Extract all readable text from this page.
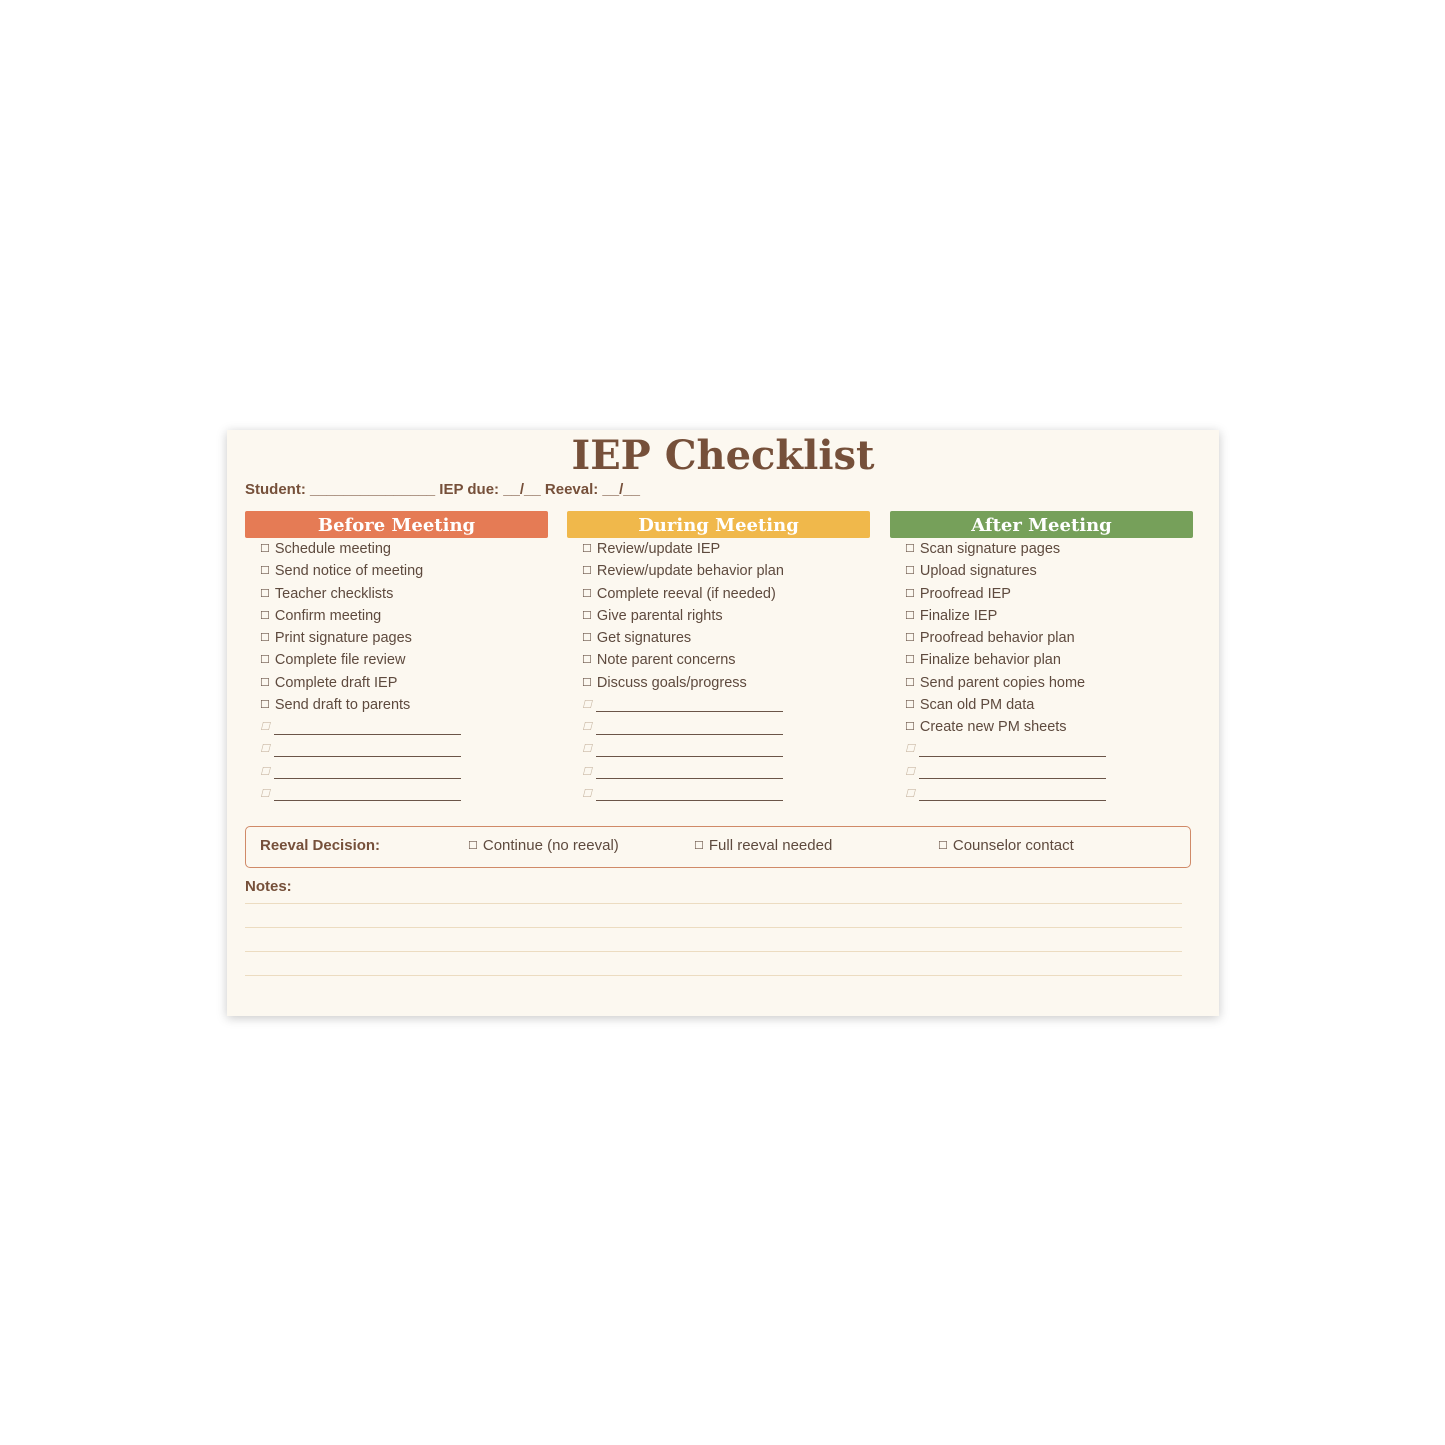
IEP Checklist
Student: _______________ IEP due: __/__ Reeval: __/__
Before Meeting
☐ Schedule meeting
☐ Send notice of meeting
☐ Teacher checklists
☐ Confirm meeting
☐ Print signature pages
☐ Complete file review
☐ Complete draft IEP
☐ Send draft to parents
☐
☐
☐
☐
During Meeting
☐ Review/update IEP
☐ Review/update behavior plan
☐ Complete reeval (if needed)
☐ Give parental rights
☐ Get signatures
☐ Note parent concerns
☐ Discuss goals/progress
☐
☐
☐
☐
☐
After Meeting
☐ Scan signature pages
☐ Upload signatures
☐ Proofread IEP
☐ Finalize IEP
☐ Proofread behavior plan
☐ Finalize behavior plan
☐ Send parent copies home
☐ Scan old PM data
☐ Create new PM sheets
☐
☐
☐
Reeval Decision:	☐ Continue (no reeval)	☐ Full reeval needed	☐ Counselor contact
Notes:
